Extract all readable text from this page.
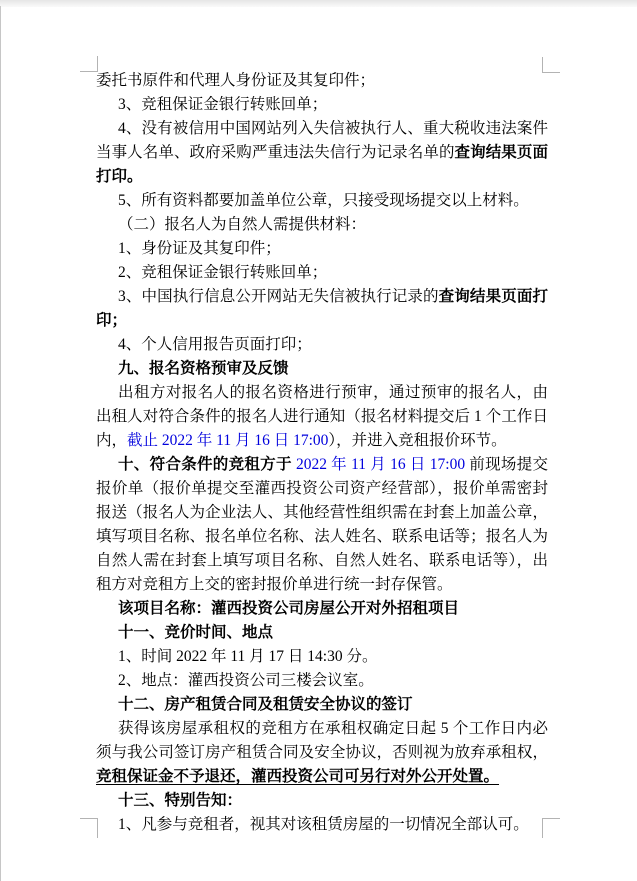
委托书原件和代理人身份证及其复印件；

3、竞租保证金银行转账回单；

4、没有被信用中国网站列入失信被执行人、重大税收违法案件当事人名单、政府采购严重违法失信行为记录名单的查询结果页面打印。

5、所有资料都要加盖单位公章，只接受现场提交以上材料。

（二）报名人为自然人需提供材料：

1、身份证及其复印件；

2、竞租保证金银行转账回单；

3、中国执行信息公开网站无失信被执行记录的查询结果页面打印；

4、个人信用报告页面打印；

九、报名资格预审及反馈

出租方对报名人的报名资格进行预审，通过预审的报名人，由出租人对符合条件的报名人进行通知（报名材料提交后 1 个工作日内，截止 2022 年 11 月 16 日 17:00），并进入竞租报价环节。

十、符合条件的竞租方于 2022 年 11 月 16 日 17:00 前现场提交报价单（报价单提交至灌西投资公司资产经营部），报价单需密封报送（报名人为企业法人、其他经营性组织需在封套上加盖公章，填写项目名称、报名单位名称、法人姓名、联系电话等；报名人为自然人需在封套上填写项目名称、自然人姓名、联系电话等），出租方对竞租方上交的密封报价单进行统一封存保管。

该项目名称：灌西投资公司房屋公开对外招租项目

十一、竞价时间、地点

1、时间 2022 年 11 月 17 日 14:30 分。

2、地点：灌西投资公司三楼会议室。

十二、房产租赁合同及租赁安全协议的签订

获得该房屋承租权的竞租方在承租权确定日起 5 个工作日内必须与我公司签订房产租赁合同及安全协议，否则视为放弃承租权，竞租保证金不予退还，灌西投资公司可另行对外公开处置。

十三、特别告知：

1、凡参与竞租者，视其对该租赁房屋的一切情况全部认可。
